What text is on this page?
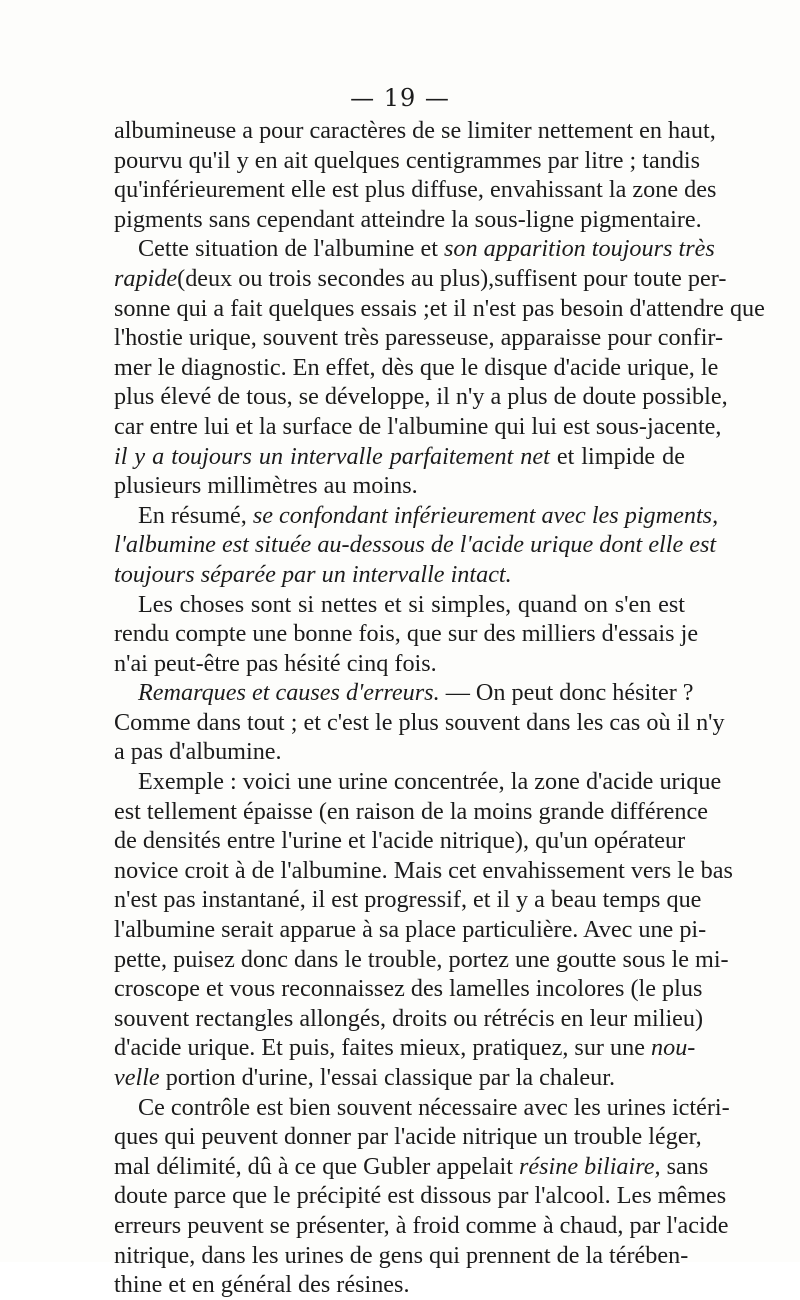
— 19 —
albumineuse a pour caractères de se limiter nettement en haut,
pourvu qu'il y en ait quelques centigrammes par litre ; tandis
qu'inférieurement elle est plus diffuse, envahissant la zone des
pigments sans cependant atteindre la sous-ligne pigmentaire.
Cette situation de l'albumine et son apparition toujours très
rapide(deux ou trois secondes au plus),suffisent pour toute per-
sonne qui a fait quelques essais ;et il n'est pas besoin d'attendre que
l'hostie urique, souvent très paresseuse, apparaisse pour confir-
mer le diagnostic. En effet, dès que le disque d'acide urique, le
plus élevé de tous, se développe, il n'y a plus de doute possible,
car entre lui et la surface de l'albumine qui lui est sous-jacente,
il y a toujours un intervalle parfaitement net et limpide de
plusieurs millimètres au moins.
En résumé, se confondant inférieurement avec les pigments,
l'albumine est située au-dessous de l'acide urique dont elle est
toujours séparée par un intervalle intact.
Les choses sont si nettes et si simples, quand on s'en est
rendu compte une bonne fois, que sur des milliers d'essais je
n'ai peut-être pas hésité cinq fois.
Remarques et causes d'erreurs. — On peut donc hésiter ?
Comme dans tout ; et c'est le plus souvent dans les cas où il n'y
a pas d'albumine.
Exemple : voici une urine concentrée, la zone d'acide urique
est tellement épaisse (en raison de la moins grande différence
de densités entre l'urine et l'acide nitrique), qu'un opérateur
novice croit à de l'albumine. Mais cet envahissement vers le bas
n'est pas instantané, il est progressif, et il y a beau temps que
l'albumine serait apparue à sa place particulière. Avec une pi-
pette, puisez donc dans le trouble, portez une goutte sous le mi-
croscope et vous reconnaissez des lamelles incolores (le plus
souvent rectangles allongés, droits ou rétrécis en leur milieu)
d'acide urique. Et puis, faites mieux, pratiquez, sur une nou-
velle portion d'urine, l'essai classique par la chaleur.
Ce contrôle est bien souvent nécessaire avec les urines ictéri-
ques qui peuvent donner par l'acide nitrique un trouble léger,
mal délimité, dû à ce que Gubler appelait résine biliaire, sans
doute parce que le précipité est dissous par l'alcool. Les mêmes
erreurs peuvent se présenter, à froid comme à chaud, par l'acide
nitrique, dans les urines de gens qui prennent de la térében-
thine et en général des résines.
